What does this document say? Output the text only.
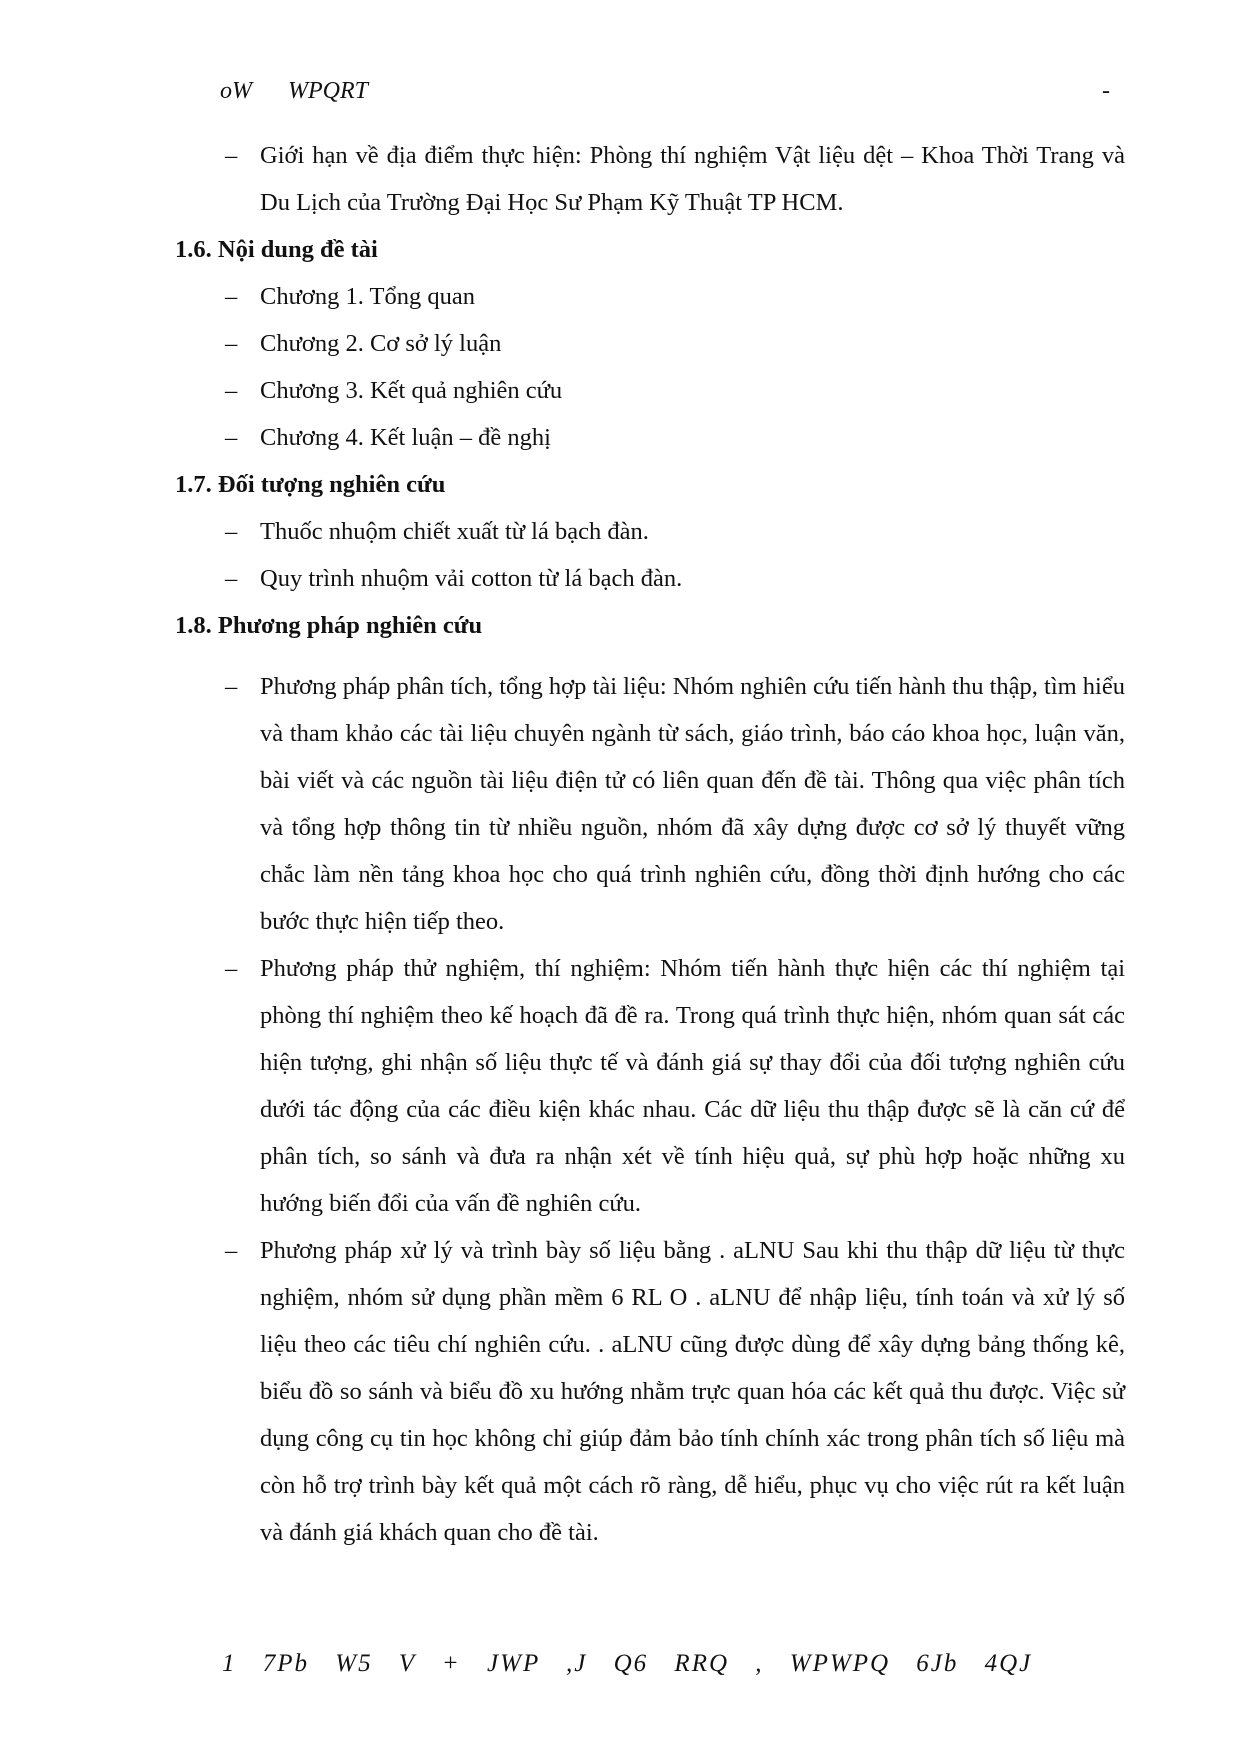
oW WPQRT	-
– Giới hạn về địa điểm thực hiện: Phòng thí nghiệm Vật liệu dệt – Khoa Thời Trang và Du Lịch của Trường Đại Học Sư Phạm Kỹ Thuật TP HCM.

1.6. Nội dung đề tài

– Chương 1. Tổng quan
– Chương 2. Cơ sở lý luận
– Chương 3. Kết quả nghiên cứu
– Chương 4. Kết luận – đề nghị

1.7. Đối tượng nghiên cứu

– Thuốc nhuộm chiết xuất từ lá bạch đàn.
– Quy trình nhuộm vải cotton từ lá bạch đàn.

1.8. Phương pháp nghiên cứu

– Phương pháp phân tích, tổng hợp tài liệu: Nhóm nghiên cứu tiến hành thu thập, tìm hiểu và tham khảo các tài liệu chuyên ngành từ sách, giáo trình, báo cáo khoa học, luận văn, bài viết và các nguồn tài liệu điện tử có liên quan đến đề tài. Thông qua việc phân tích và tổng hợp thông tin từ nhiều nguồn, nhóm đã xây dựng được cơ sở lý thuyết vững chắc làm nền tảng khoa học cho quá trình nghiên cứu, đồng thời định hướng cho các bước thực hiện tiếp theo.
– Phương pháp thử nghiệm, thí nghiệm: Nhóm tiến hành thực hiện các thí nghiệm tại phòng thí nghiệm theo kế hoạch đã đề ra. Trong quá trình thực hiện, nhóm quan sát các hiện tượng, ghi nhận số liệu thực tế và đánh giá sự thay đổi của đối tượng nghiên cứu dưới tác động của các điều kiện khác nhau. Các dữ liệu thu thập được sẽ là căn cứ để phân tích, so sánh và đưa ra nhận xét về tính hiệu quả, sự phù hợp hoặc những xu hướng biến đổi của vấn đề nghiên cứu.
– Phương pháp xử lý và trình bày số liệu bằng . aLNU Sau khi thu thập dữ liệu từ thực nghiệm, nhóm sử dụng phần mềm 6 RL O . aLNU để nhập liệu, tính toán và xử lý số liệu theo các tiêu chí nghiên cứu. . aLNU cũng được dùng để xây dựng bảng thống kê, biểu đồ so sánh và biểu đồ xu hướng nhằm trực quan hóa các kết quả thu được. Việc sử dụng công cụ tin học không chỉ giúp đảm bảo tính chính xác trong phân tích số liệu mà còn hỗ trợ trình bày kết quả một cách rõ ràng, dễ hiểu, phục vụ cho việc rút ra kết luận và đánh giá khách quan cho đề tài.
1 7Pb W5 V + JWP ,J Q6 RRQ , WPWPQ 6Jb 4QJ
